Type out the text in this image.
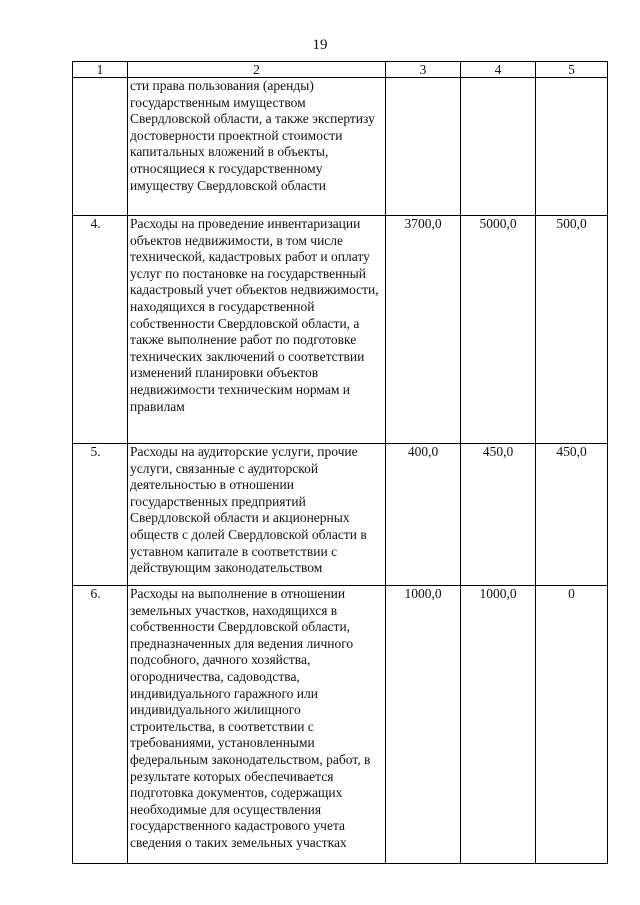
19
1	2	3	4	5
	сти права пользования (аренды) государственным имуществом Свердловской области, а также экспертизу достоверности проектной стоимости капитальных вложений в объекты, относящиеся к государственному имуществу Свердловской области			
4.	Расходы на проведение инвентаризации объектов недвижимости, в том числе технической, кадастровых работ и оплату услуг по постановке на государственный кадастровый учет объектов недвижимости, находящихся в государственной собственности Свердловской области, а также выполнение работ по подготовке технических заключений о соответствии изменений планировки объектов недвижимости техническим нормам и правилам	3700,0	5000,0	500,0
5.	Расходы на аудиторские услуги, прочие услуги, связанные с аудиторской деятельностью в отношении государственных предприятий Свердловской области и акционерных обществ с долей Свердловской области в уставном капитале в соответствии с действующим законодательством	400,0	450,0	450,0
6.	Расходы на выполнение в отношении земельных участков, находящихся в собственности Свердловской области, предназначенных для ведения личного подсобного, дачного хозяйства, огородничества, садоводства, индивидуального гаражного или индивидуального жилищного строительства, в соответствии с требованиями, установленными федеральным законодательством, работ, в результате которых обеспечивается подготовка документов, содержащих необходимые для осуществления государственного кадастрового учета сведения о таких земельных участках	1000,0	1000,0	0
